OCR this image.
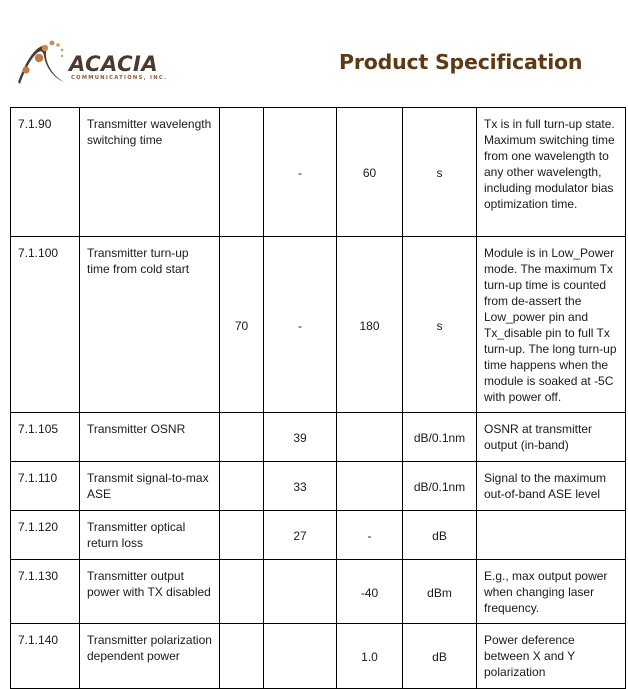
ACACIA
COMMUNICATIONS, INC.
Product Specification
7.1.90	Transmitter wavelength switching time		-	60	s	Tx is in full turn-up state. Maximum switching time from one wavelength to any other wavelength, including modulator bias optimization time.
7.1.100	Transmitter turn-up time from cold start	70	-	180	s	Module is in Low_Power mode. The maximum Tx turn-up time is counted from de-assert the Low_power pin and Tx_disable pin to full Tx turn-up. The long turn-up time happens when the module is soaked at -5C with power off.
7.1.105	Transmitter OSNR		39		dB/0.1nm	OSNR at transmitter output (in-band)
7.1.110	Transmit signal-to-max ASE		33		dB/0.1nm	Signal to the maximum out-of-band ASE level
7.1.120	Transmitter optical return loss		27	-	dB	
7.1.130	Transmitter output power with TX disabled			-40	dBm	E.g., max output power when changing laser frequency.
7.1.140	Transmitter polarization dependent power			1.0	dB	Power deference between X and Y polarization
